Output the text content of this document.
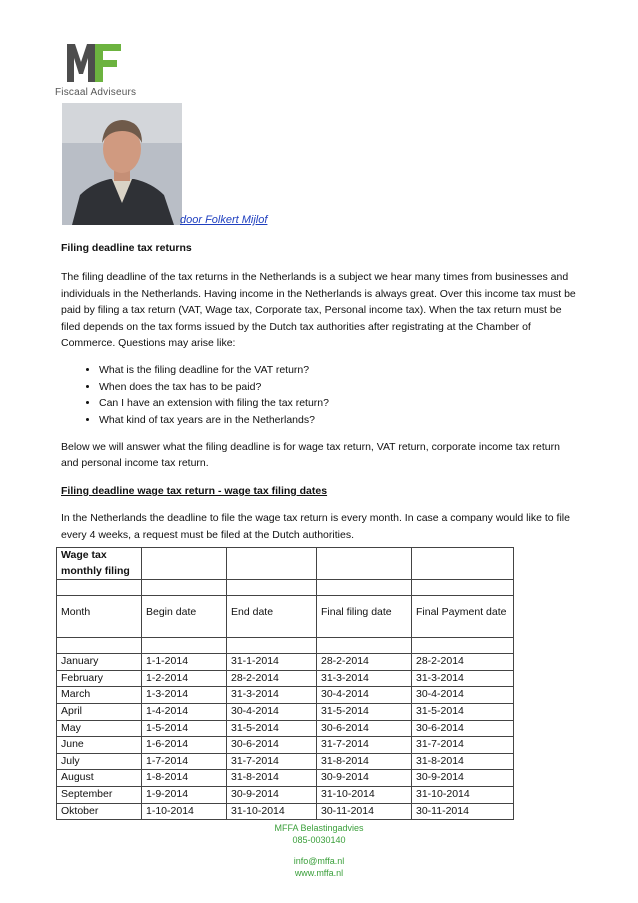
Fiscaal Adviseurs
door Folkert Mijlof

Filing deadline tax returns

The filing deadline of the tax returns in the Netherlands is a subject we hear many times from businesses and individuals in the Netherlands. Having income in the Netherlands is always great. Over this income tax must be paid by filing a tax return (VAT, Wage tax, Corporate tax, Personal income tax). When the tax return must be filed depends on the tax forms issued by the Dutch tax authorities after registrating at the Chamber of Commerce. Questions may arise like:

• What is the filing deadline for the VAT return?
• When does the tax has to be paid?
• Can I have an extension with filing the tax return?
• What kind of tax years are in the Netherlands?

Below we will answer what the filing deadline is for wage tax return, VAT return, corporate income tax return and personal income tax return.

Filing deadline wage tax return - wage tax filing dates

In the Netherlands the deadline to file the wage tax return is every month. In case a company would like to file every 4 weeks, a request must be filed at the Dutch authorities.

Wage tax monthly filing				

Month	Begin date	End date	Final filing date	Final Payment date

January	1-1-2014	31-1-2014	28-2-2014	28-2-2014
February	1-2-2014	28-2-2014	31-3-2014	31-3-2014
March	1-3-2014	31-3-2014	30-4-2014	30-4-2014
April	1-4-2014	30-4-2014	31-5-2014	31-5-2014
May	1-5-2014	31-5-2014	30-6-2014	30-6-2014
June	1-6-2014	30-6-2014	31-7-2014	31-7-2014
July	1-7-2014	31-7-2014	31-8-2014	31-8-2014
August	1-8-2014	31-8-2014	30-9-2014	30-9-2014
September	1-9-2014	30-9-2014	31-10-2014	31-10-2014
Oktober	1-10-2014	31-10-2014	30-11-2014	30-11-2014
MFFA Belastingadvies
085-0030140
info@mffa.nl
www.mffa.nl
